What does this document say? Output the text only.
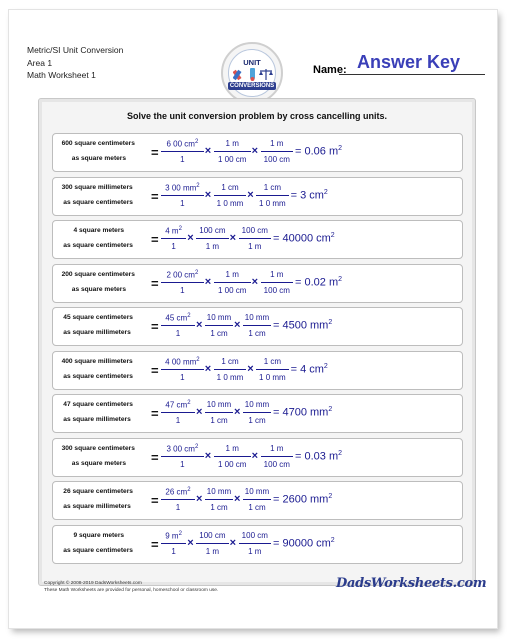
Metric/SI Unit Conversion
Area 1
Math Worksheet 1
UNIT
CONVERSIONS
Name: Answer Key
Solve the unit conversion problem by cross cancelling units.
600 square centimeters
as square meters =
6 00 $cm^2$
1
×
1 m
1 00 cm
×
1 m
100 cm
= 0.06 $m^2$
300 square millimeters
as square centimeters =
3 00 $mm^2$
1
×
1 cm
1 0 mm
×
1 cm
1 0 mm
= 3 $cm^2$
4 square meters
as square centimeters =
4 $m^2$
1
×
100 cm
1 m
×
100 cm
1 m
= 40000 $cm^2$
200 square centimeters
as square meters =
2 00 $cm^2$
1
×
1 m
1 00 cm
×
1 m
100 cm
= 0.02 $m^2$
45 square centimeters
as square millimeters =
45 $cm^2$
1
×
10 mm
1 cm
×
10 mm
1 cm
= 4500 $mm^2$
400 square millimeters
as square centimeters =
4 00 $mm^2$
1
×
1 cm
1 0 mm
×
1 cm
1 0 mm
= 4 $cm^2$
47 square centimeters
as square millimeters =
47 $cm^2$
1
×
10 mm
1 cm
×
10 mm
1 cm
= 4700 $mm^2$
300 square centimeters
as square meters =
3 00 $cm^2$
1
×
1 m
1 00 cm
×
1 m
100 cm
= 0.03 $m^2$
26 square centimeters
as square millimeters =
26 $cm^2$
1
×
10 mm
1 cm
×
10 mm
1 cm
= 2600 $mm^2$
9 square meters
as square centimeters =
9 $m^2$
1
×
100 cm
1 m
×
100 cm
1 m
= 90000 $cm^2$
Copyright © 2008-2019 DadsWorksheets.com
These Math Worksheets are provided for personal, homeschool or classroom use.	DadsWorksheets.com
